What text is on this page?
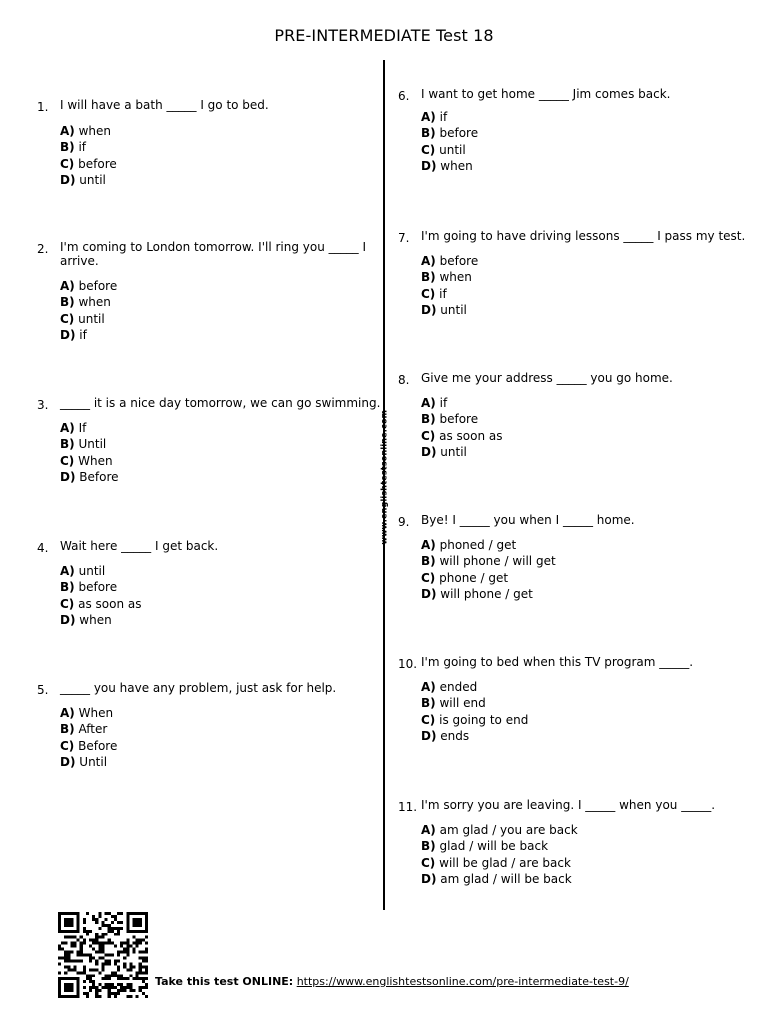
PRE-INTERMEDIATE Test 18
www.englishtestsonline.com
1. I will have a bath _____ I go to bed.
A) when
B) if
C) before
D) until
2. I'm coming to London tomorrow. I'll ring you _____ I arrive.
A) before
B) when
C) until
D) if
3. _____ it is a nice day tomorrow, we can go swimming.
A) If
B) Until
C) When
D) Before
4. Wait here _____ I get back.
A) until
B) before
C) as soon as
D) when
5. _____ you have any problem, just ask for help.
A) When
B) After
C) Before
D) Until
6. I want to get home _____ Jim comes back.
A) if
B) before
C) until
D) when
7. I'm going to have driving lessons _____ I pass my test.
A) before
B) when
C) if
D) until
8. Give me your address _____ you go home.
A) if
B) before
C) as soon as
D) until
9. Bye! I _____ you when I _____ home.
A) phoned / get
B) will phone / will get
C) phone / get
D) will phone / get
10. I'm going to bed when this TV program _____.
A) ended
B) will end
C) is going to end
D) ends
11. I'm sorry you are leaving. I _____ when you _____.
A) am glad / you are back
B) glad / will be back
C) will be glad / are back
D) am glad / will be back
Take this test ONLINE: https://www.englishtestsonline.com/pre-intermediate-test-9/
